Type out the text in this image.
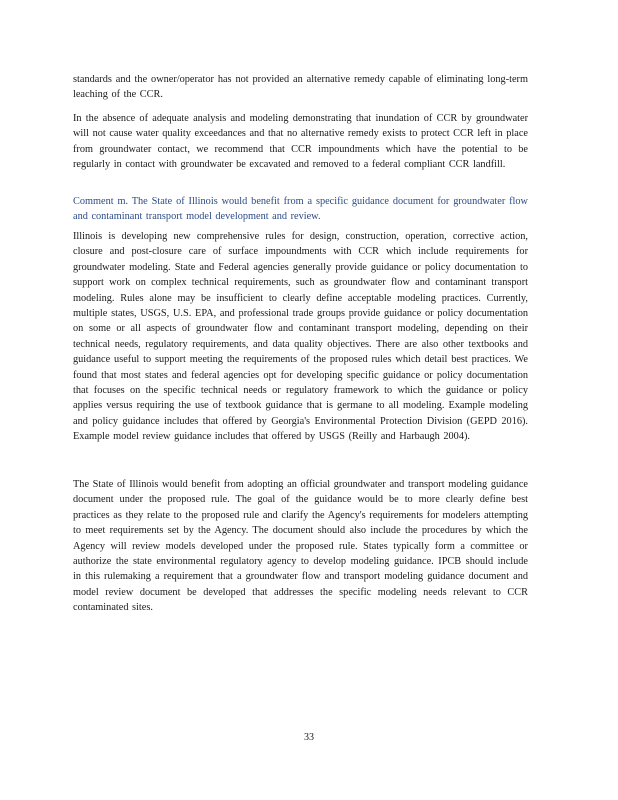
standards and the owner/operator has not provided an alternative remedy capable of eliminating long-term leaching of the CCR.

In the absence of adequate analysis and modeling demonstrating that inundation of CCR by groundwater will not cause water quality exceedances and that no alternative remedy exists to protect CCR left in place from groundwater contact, we recommend that CCR impoundments which have the potential to be regularly in contact with groundwater be excavated and removed to a federal compliant CCR landfill.

Comment m. The State of Illinois would benefit from a specific guidance document for groundwater flow and contaminant transport model development and review.

Illinois is developing new comprehensive rules for design, construction, operation, corrective action, closure and post-closure care of surface impoundments with CCR which include requirements for groundwater modeling. State and Federal agencies generally provide guidance or policy documentation to support work on complex technical requirements, such as groundwater flow and contaminant transport modeling. Rules alone may be insufficient to clearly define acceptable modeling practices. Currently, multiple states, USGS, U.S. EPA, and professional trade groups provide guidance or policy documentation on some or all aspects of groundwater flow and contaminant transport modeling, depending on their technical needs, regulatory requirements, and data quality objectives. There are also other textbooks and guidance useful to support meeting the requirements of the proposed rules which detail best practices. We found that most states and federal agencies opt for developing specific guidance or policy documentation that focuses on the specific technical needs or regulatory framework to which the guidance or policy applies versus requiring the use of textbook guidance that is germane to all modeling. Example modeling and policy guidance includes that offered by Georgia's Environmental Protection Division (GEPD 2016). Example model review guidance includes that offered by USGS (Reilly and Harbaugh 2004).

The State of Illinois would benefit from adopting an official groundwater and transport modeling guidance document under the proposed rule. The goal of the guidance would be to more clearly define best practices as they relate to the proposed rule and clarify the Agency's requirements for modelers attempting to meet requirements set by the Agency. The document should also include the procedures by which the Agency will review models developed under the proposed rule. States typically form a committee or authorize the state environmental regulatory agency to develop modeling guidance. IPCB should include in this rulemaking a requirement that a groundwater flow and transport modeling guidance document and model review document be developed that addresses the specific modeling needs relevant to CCR contaminated sites.

33
